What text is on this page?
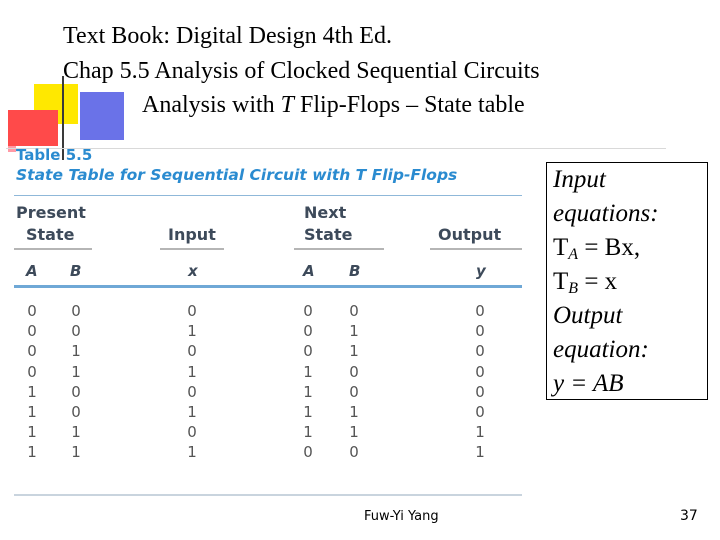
Text Book: Digital Design 4th Ed.
Chap 5.5 Analysis of Clocked Sequential Circuits
Analysis with T Flip-Flops – State table
Table 5.5
State Table for Sequential Circuit with T Flip-Flops
Present
State	Input
Next
State	Output
A B	x	A B	y
0	0	0	0	0	0
0	0	1	0	1	0
0	1	0	0	1	0
0	1	1	1	0	0
1	0	0	1	0	0
1	0	1	1	1	0
1	1	0	1	1	1
1	1	1	0	0	1
Input
equations:
$T_A = Bx$,
$T_B = x$
Output
equation:
y = AB
Fuw-Yi Yang	37
